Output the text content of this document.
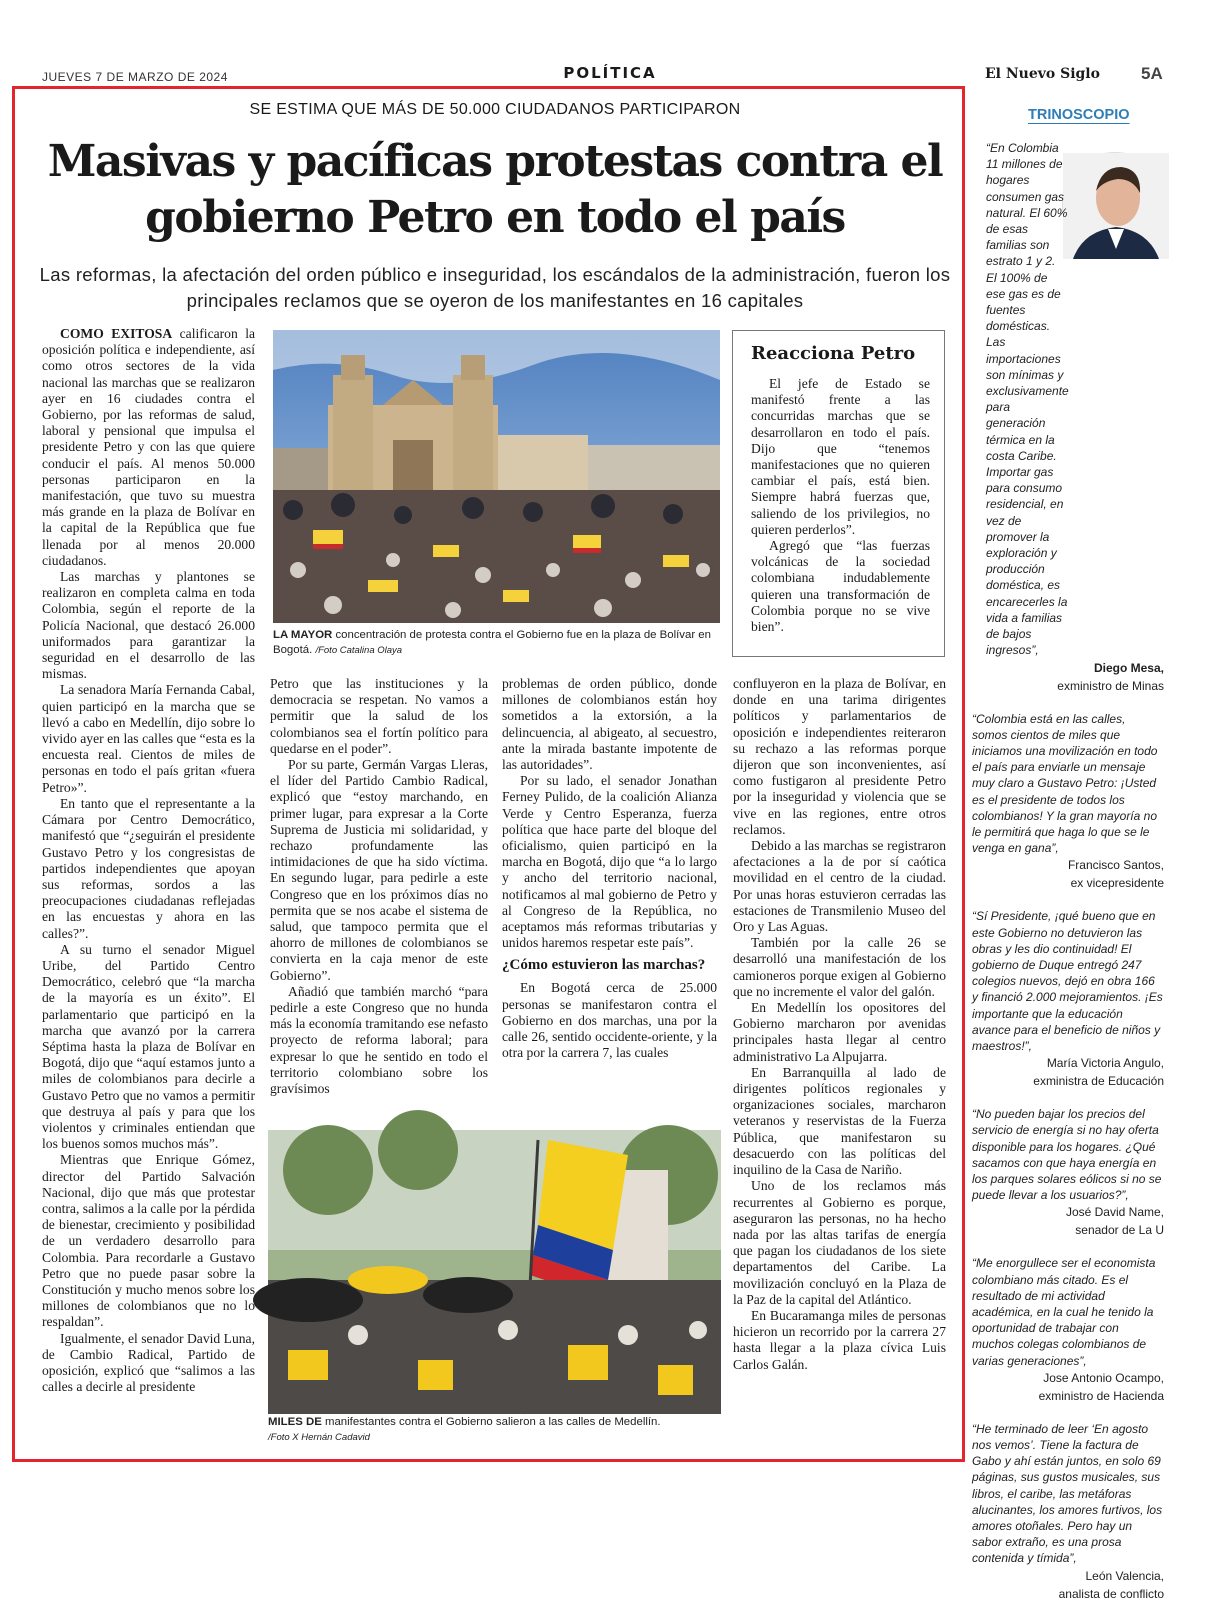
JUEVES 7 DE MARZO DE 2024	POLÍTICA	El Nuevo Siglo 5A
SE ESTIMA QUE MÁS DE 50.000 CIUDADANOS PARTICIPARON
Masivas y pacíficas protestas contra el gobierno Petro en todo el país
Las reformas, la afectación del orden público e inseguridad, los escándalos de la administración, fueron los principales reclamos que se oyeron de los manifestantes en 16 capitales

COMO EXITOSA calificaron la oposición política e independiente, así como otros sectores de la vida nacional las marchas que se realizaron ayer en 16 ciudades contra el Gobierno, por las reformas de salud, laboral y pensional que impulsa el presidente Petro y con las que quiere conducir el país. Al menos 50.000 personas participaron en la manifestación, que tuvo su muestra más grande en la plaza de Bolívar en la capital de la República que fue llenada por al menos 20.000 ciudadanos.

Las marchas y plantones se realizaron en completa calma en toda Colombia, según el reporte de la Policía Nacional, que destacó 26.000 uniformados para garantizar la seguridad en el desarrollo de las mismas.

La senadora María Fernanda Cabal, quien participó en la marcha que se llevó a cabo en Medellín, dijo sobre lo vivido ayer en las calles que “esta es la encuesta real. Cientos de miles de personas en todo el país gritan «fuera Petro»”.

En tanto que el representante a la Cámara por Centro Democrático, manifestó que “¿seguirán el presidente Gustavo Petro y los congresistas de partidos independientes que apoyan sus reformas, sordos a las preocupaciones ciudadanas reflejadas en las encuestas y ahora en las calles?”.

A su turno el senador Miguel Uribe, del Partido Centro Democrático, celebró que “la marcha de la mayoría es un éxito”. El parlamentario que participó en la marcha que avanzó por la carrera Séptima hasta la plaza de Bolívar en Bogotá, dijo que “aquí estamos junto a miles de colombianos para decirle a Gustavo Petro que no vamos a permitir que destruya al país y para que los violentos y criminales entiendan que los buenos somos muchos más”.

Mientras que Enrique Gómez, director del Partido Salvación Nacional, dijo que más que protestar contra, salimos a la calle por la pérdida de bienestar, crecimiento y posibilidad de un verdadero desarrollo para Colombia. Para recordarle a Gustavo Petro que no puede pasar sobre la Constitución y mucho menos sobre los millones de colombianos que no lo respaldan”.

Igualmente, el senador David Luna, de Cambio Radical, Partido de oposición, explicó que “salimos a las calles a decirle al presidente

LA MAYOR concentración de protesta contra el Gobierno fue en la plaza de Bolívar en Bogotá. /Foto Catalina Olaya
Reacciona Petro

El jefe de Estado se manifestó frente a las concurridas marchas que se desarrollaron en todo el país. Dijo que “tenemos manifestaciones que no quieren cambiar el país, está bien. Siempre habrá fuerzas que, saliendo de los privilegios, no quieren perderlos”.

Agregó que “las fuerzas volcánicas de la sociedad colombiana indudablemente quieren una transformación de Colombia porque no se vive bien”.

Petro que las instituciones y la democracia se respetan. No vamos a permitir que la salud de los colombianos sea el fortín político para quedarse en el poder”.

Por su parte, Germán Vargas Lleras, el líder del Partido Cambio Radical, explicó que “estoy marchando, en primer lugar, para expresar a la Corte Suprema de Justicia mi solidaridad, y rechazo profundamente las intimidaciones de que ha sido víctima. En segundo lugar, para pedirle a este Congreso que en los próximos días no permita que se nos acabe el sistema de salud, que tampoco permita que el ahorro de millones de colombianos se convierta en la caja menor de este Gobierno”.

Añadió que también marchó “para pedirle a este Congreso que no hunda más la economía tramitando ese nefasto proyecto de reforma laboral; para expresar lo que he sentido en todo el territorio colombiano sobre los gravísimos

problemas de orden público, donde millones de colombianos están hoy sometidos a la extorsión, a la delincuencia, al abigeato, al secuestro, ante la mirada bastante impotente de las autoridades”.

Por su lado, el senador Jonathan Ferney Pulido, de la coalición Alianza Verde y Centro Esperanza, fuerza política que hace parte del bloque del oficialismo, quien participó en la marcha en Bogotá, dijo que “a lo largo y ancho del territorio nacional, notificamos al mal gobierno de Petro y al Congreso de la República, no aceptamos más reformas tributarias y unidos haremos respetar este país”.

¿Cómo estuvieron las marchas?

En Bogotá cerca de 25.000 personas se manifestaron contra el Gobierno en dos marchas, una por la calle 26, sentido occidente-oriente, y la otra por la carrera 7, las cuales

confluyeron en la plaza de Bolívar, en donde en una tarima dirigentes políticos y parlamentarios de oposición e independientes reiteraron su rechazo a las reformas porque dijeron que son inconvenientes, así como fustigaron al presidente Petro por la inseguridad y violencia que se vive en las regiones, entre otros reclamos.

Debido a las marchas se registraron afectaciones a la de por sí caótica movilidad en el centro de la ciudad. Por unas horas estuvieron cerradas las estaciones de Transmilenio Museo del Oro y Las Aguas.

También por la calle 26 se desarrolló una manifestación de los camioneros porque exigen al Gobierno que no incremente el valor del galón.

En Medellín los opositores del Gobierno marcharon por avenidas principales hasta llegar al centro administrativo La Alpujarra.

En Barranquilla al lado de dirigentes políticos regionales y organizaciones sociales, marcharon veteranos y reservistas de la Fuerza Pública, que manifestaron su desacuerdo con las políticas del inquilino de la Casa de Nariño.

Uno de los reclamos más recurrentes al Gobierno es porque, aseguraron las personas, no ha hecho nada por las altas tarifas de energía que pagan los ciudadanos de los siete departamentos del Caribe. La movilización concluyó en la Plaza de la Paz de la capital del Atlántico.

En Bucaramanga miles de personas hicieron un recorrido por la carrera 27 hasta llegar a la plaza cívica Luis Carlos Galán.

MILES DE manifestantes contra el Gobierno salieron a las calles de Medellín.
/Foto X Hernán Cadavid
TRINOSCOPIO
“En Colombia 11 millones de hogares consumen gas natural. El 60% de esas familias son estrato 1 y 2. El 100% de ese gas es de fuentes domésticas. Las importaciones son mínimas y exclusivamente para generación térmica en la costa Caribe. Importar gas para consumo residencial, en vez de promover la exploración y producción doméstica, es encarecerles la vida a familias de bajos ingresos”,
Diego Mesa,
exministro de Minas
“Colombia está en las calles, somos cientos de miles que iniciamos una movilización en todo el país para enviarle un mensaje muy claro a Gustavo Petro: ¡Usted es el presidente de todos los colombianos! Y la gran mayoría no le permitirá que haga lo que se le venga en gana”,
Francisco Santos,
ex vicepresidente
“Sí Presidente, ¡qué bueno que en este Gobierno no detuvieron las obras y les dio continuidad! El gobierno de Duque entregó 247 colegios nuevos, dejó en obra 166 y financió 2.000 mejoramientos. ¡Es importante que la educación avance para el beneficio de niños y maestros!”,
María Victoria Angulo,
exministra de Educación
“No pueden bajar los precios del servicio de energía si no hay oferta disponible para los hogares. ¿Qué sacamos con que haya energía en los parques solares eólicos si no se puede llevar a los usuarios?”,
José David Name,
senador de La U
“Me enorgullece ser el economista colombiano más citado. Es el resultado de mi actividad académica, en la cual he tenido la oportunidad de trabajar con muchos colegas colombianos de varias generaciones”,
Jose Antonio Ocampo,
exministro de Hacienda
“He terminado de leer ‘En agosto nos vemos’. Tiene la factura de Gabo y ahí están juntos, en solo 69 páginas, sus gustos musicales, sus libros, el caribe, las metáforas alucinantes, los amores furtivos, los amores otoñales. Pero hay un sabor extraño, es una prosa contenida y tímida”,
León Valencia,
analista de conflicto
